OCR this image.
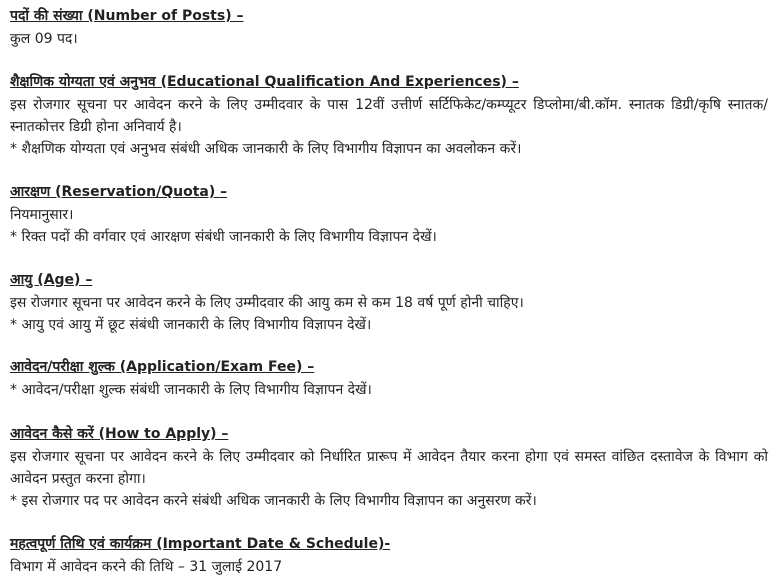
पदों की संख्या (Number of Posts) –
कुल 09 पद।
शैक्षणिक योग्यता एवं अनुभव (Educational Qualification And Experiences) –
इस रोजगार सूचना पर आवेदन करने के लिए उम्मीदवार के पास 12वीं उत्तीर्ण सर्टिफिकेट/कम्प्यूटर डिप्लोमा/बी.कॉम. स्नातक डिग्री/कृषि स्नातक/स्नातकोत्तर डिग्री होना अनिवार्य है।
* शैक्षणिक योग्यता एवं अनुभव संबंधी अधिक जानकारी के लिए विभागीय विज्ञापन का अवलोकन करें।
आरक्षण (Reservation/Quota) –
नियमानुसार।
* रिक्त पदों की वर्गवार एवं आरक्षण संबंधी जानकारी के लिए विभागीय विज्ञापन देखें।
आयु (Age) –
इस रोजगार सूचना पर आवेदन करने के लिए उम्मीदवार की आयु कम से कम 18 वर्ष पूर्ण होनी चाहिए।
* आयु एवं आयु में छूट संबंधी जानकारी के लिए विभागीय विज्ञापन देखें।
आवेदन/परीक्षा शुल्क (Application/Exam Fee) –
* आवेदन/परीक्षा शुल्क संबंधी जानकारी के लिए विभागीय विज्ञापन देखें।
आवेदन कैसे करें (How to Apply) –
इस रोजगार सूचना पर आवेदन करने के लिए उम्मीदवार को निर्धारित प्रारूप में आवेदन तैयार करना होगा एवं समस्त वांछित दस्तावेज के विभाग को आवेदन प्रस्तुत करना होगा।
* इस रोजगार पद पर आवेदन करने संबंधी अधिक जानकारी के लिए विभागीय विज्ञापन का अनुसरण करें।
महत्वपूर्ण तिथि एवं कार्यक्रम (Important Date & Schedule)-
विभाग में आवेदन करने की तिथि – 31 जुलाई 2017
